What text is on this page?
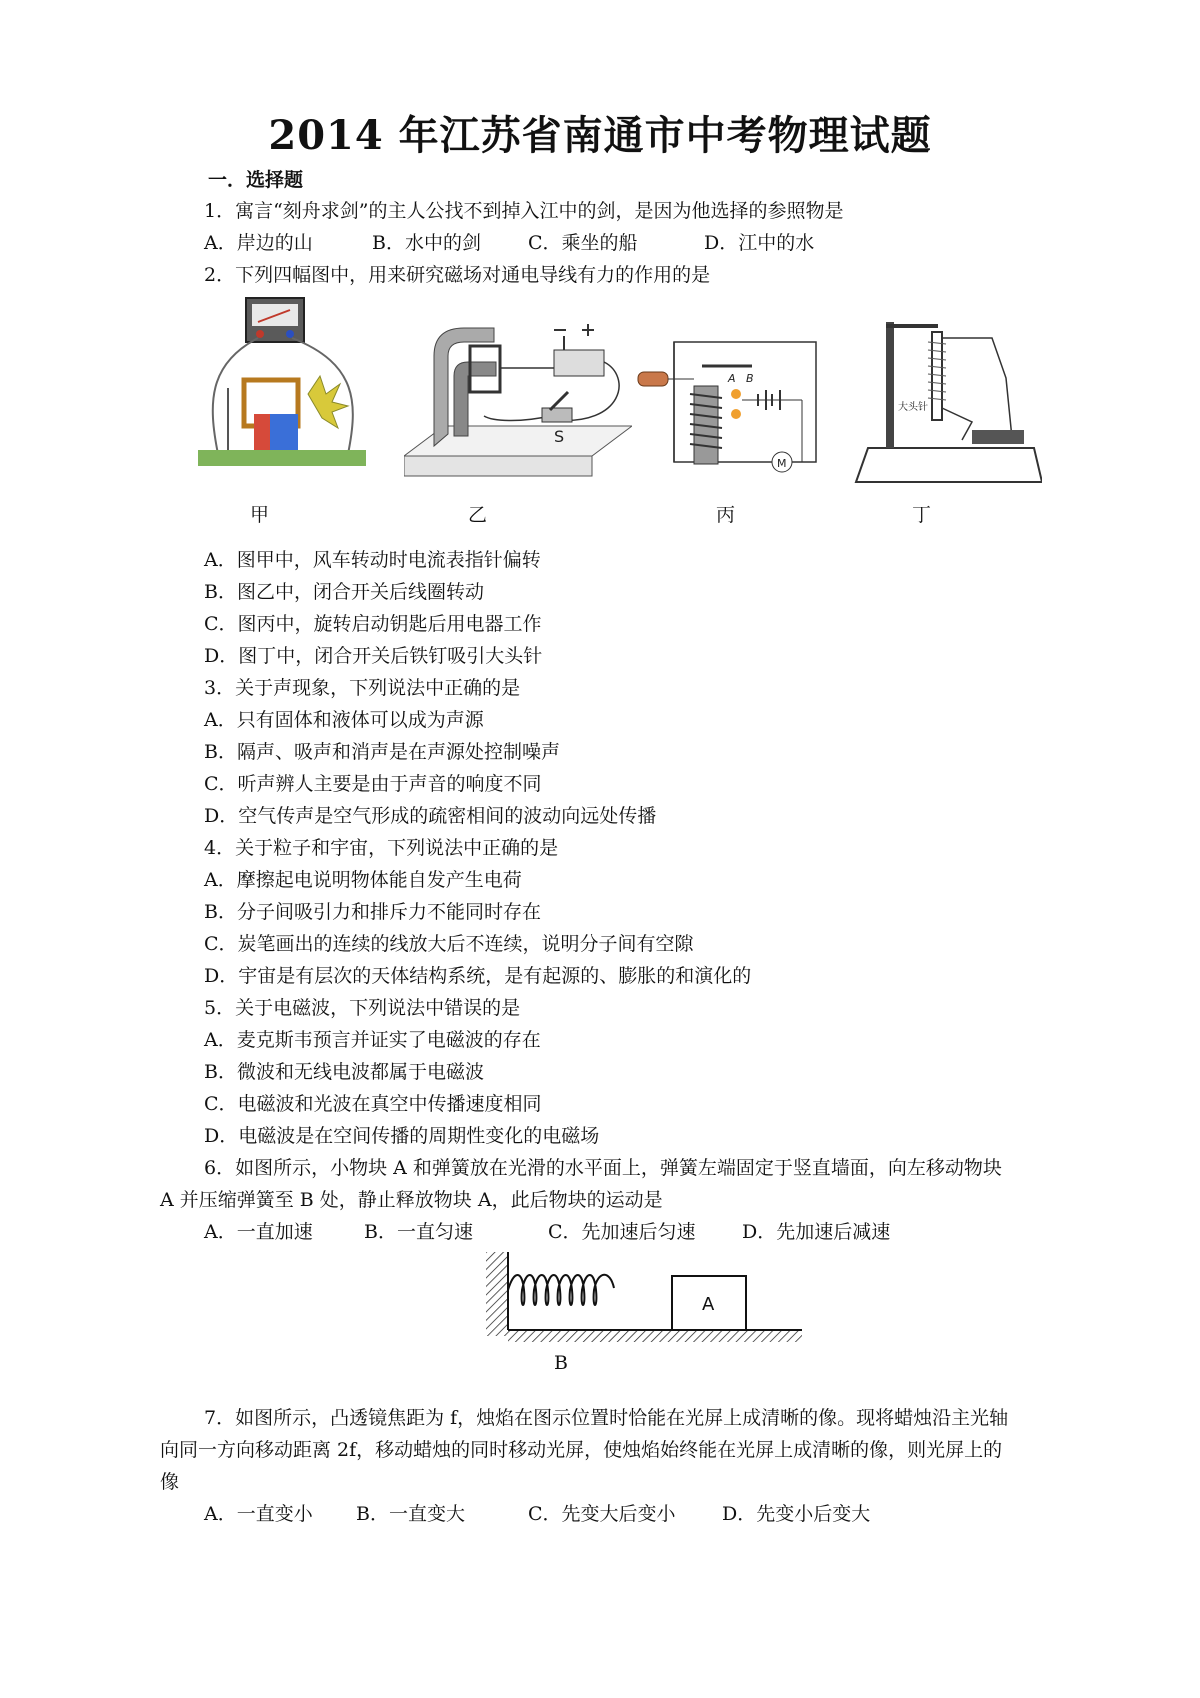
2014 年江苏省南通市中考物理试题
一．选择题
1．寓言“刻舟求剑”的主人公找不到掉入江中的剑，是因为他选择的参照物是
A．岸边的山	B．水中的剑 C．乘坐的船	D．江中的水
2．下列四幅图中，用来研究磁场对通电导线有力的作用的是
甲
S
乙
A B
M
丙
大头针
丁
A．图甲中，风车转动时电流表指针偏转
B．图乙中，闭合开关后线圈转动
C．图丙中，旋转启动钥匙后用电器工作
D．图丁中，闭合开关后铁钉吸引大头针
3．关于声现象，下列说法中正确的是
A．只有固体和液体可以成为声源
B．隔声、吸声和消声是在声源处控制噪声
C．听声辨人主要是由于声音的响度不同
D．空气传声是空气形成的疏密相间的波动向远处传播
4．关于粒子和宇宙，下列说法中正确的是
A．摩擦起电说明物体能自发产生电荷
B．分子间吸引力和排斥力不能同时存在
C．炭笔画出的连续的线放大后不连续，说明分子间有空隙
D．宇宙是有层次的天体结构系统，是有起源的、膨胀的和演化的
5．关于电磁波，下列说法中错误的是
A．麦克斯韦预言并证实了电磁波的存在
B．微波和无线电波都属于电磁波
C．电磁波和光波在真空中传播速度相同
D．电磁波是在空间传播的周期性变化的电磁场
6．如图所示，小物块 A 和弹簧放在光滑的水平面上，弹簧左端固定于竖直墙面，向左移动物块
A 并压缩弹簧至 B 处，静止释放物块 A，此后物块的运动是
A．一直加速	B．一直匀速	C．先加速后匀速 D．先加速后减速
A
B
7．如图所示，凸透镜焦距为 f，烛焰在图示位置时恰能在光屏上成清晰的像。现将蜡烛沿主光轴
向同一方向移动距离 2f，移动蜡烛的同时移动光屏，使烛焰始终能在光屏上成清晰的像，则光屏上的
像
A．一直变小 B．一直变大	C．先变大后变小 D．先变小后变大
